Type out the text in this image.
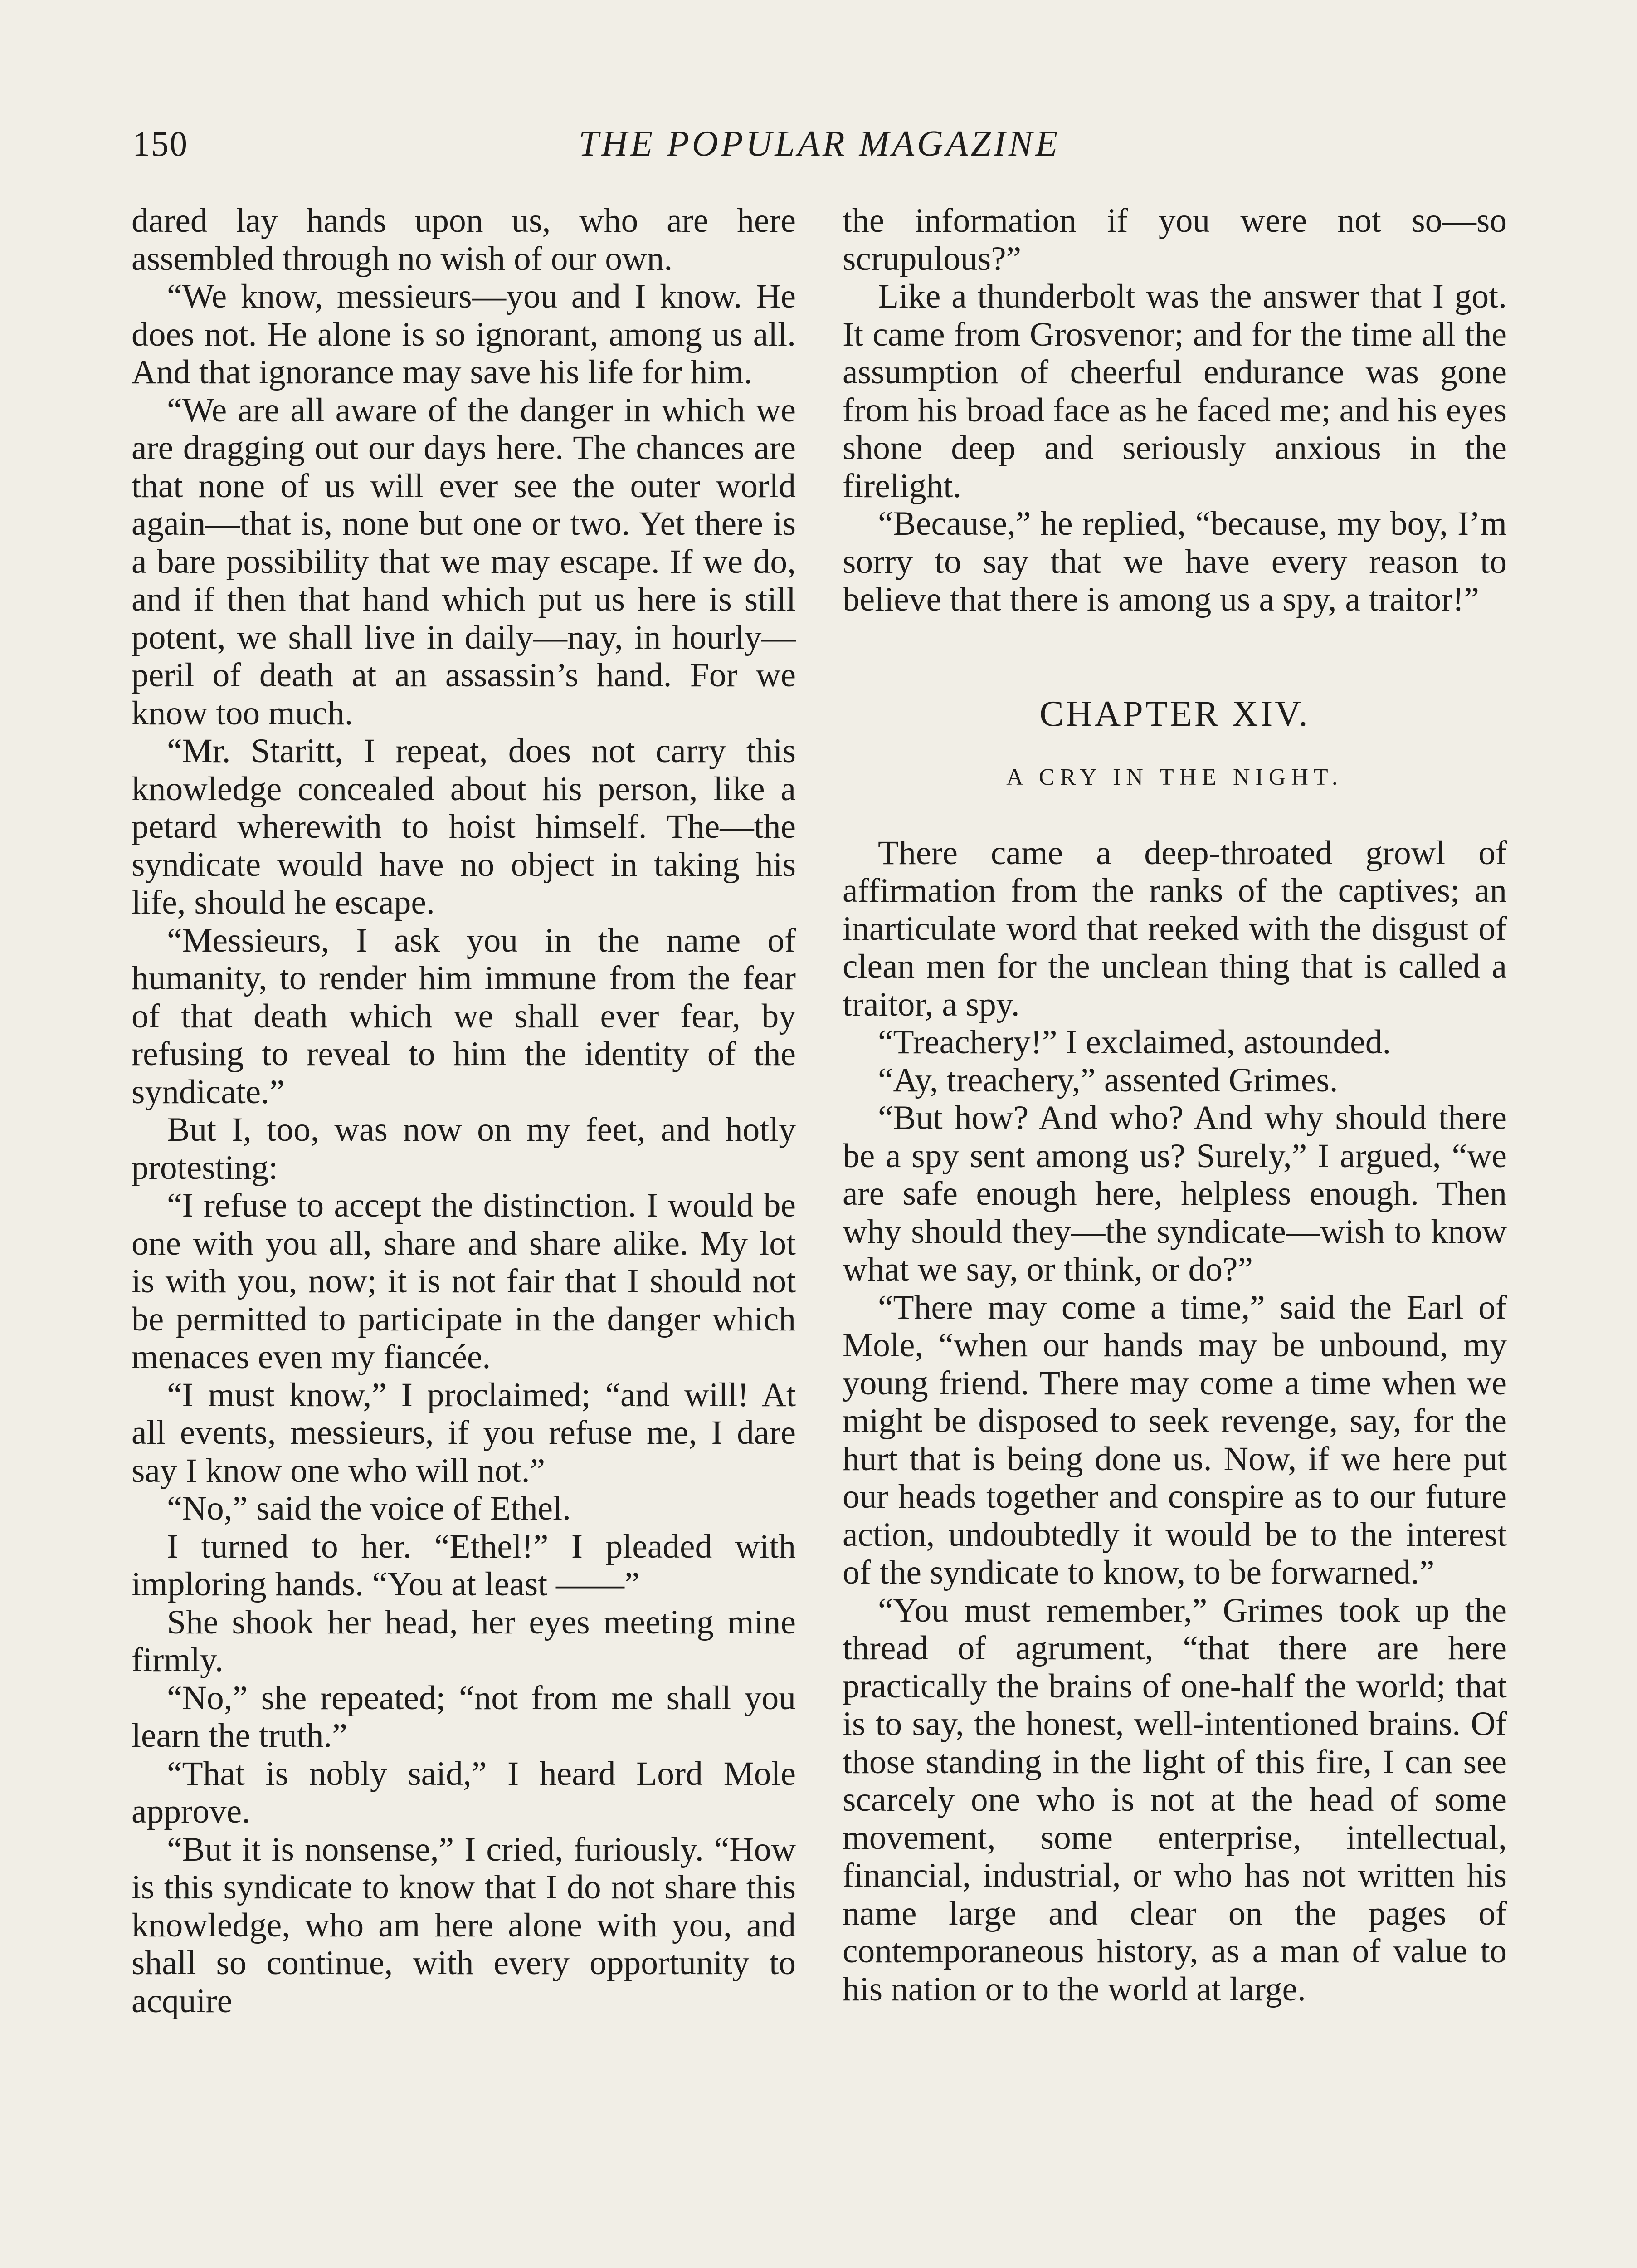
150	THE POPULAR MAGAZINE

dared lay hands upon us, who are here assembled through no wish of our own.

“We know, messieurs—you and I know. He does not. He alone is so ignorant, among us all. And that ignorance may save his life for him.

“We are all aware of the danger in which we are dragging out our days here. The chances are that none of us will ever see the outer world again—that is, none but one or two. Yet there is a bare possibility that we may escape. If we do, and if then that hand which put us here is still potent, we shall live in daily—nay, in hourly—peril of death at an assassin’s hand. For we know too much.

“Mr. Staritt, I repeat, does not carry this knowledge concealed about his person, like a petard wherewith to hoist himself. The—the syndicate would have no object in taking his life, should he escape.

“Messieurs, I ask you in the name of humanity, to render him immune from the fear of that death which we shall ever fear, by refusing to reveal to him the identity of the syndicate.”

But I, too, was now on my feet, and hotly protesting:

“I refuse to accept the distinction. I would be one with you all, share and share alike. My lot is with you, now; it is not fair that I should not be permitted to participate in the danger which menaces even my fiancée.

“I must know,” I proclaimed; “and will! At all events, messieurs, if you refuse me, I dare say I know one who will not.”

“No,” said the voice of Ethel.

I turned to her. “Ethel!” I pleaded with imploring hands. “You at least ——”

She shook her head, her eyes meeting mine firmly.

“No,” she repeated; “not from me shall you learn the truth.”

“That is nobly said,” I heard Lord Mole approve.

“But it is nonsense,” I cried, furiously. “How is this syndicate to know that I do not share this knowledge, who am here alone with you, and shall so continue, with every opportunity to acquire

the information if you were not so—so scrupulous?”

Like a thunderbolt was the answer that I got. It came from Grosvenor; and for the time all the assumption of cheerful endurance was gone from his broad face as he faced me; and his eyes shone deep and seriously anxious in the firelight.

“Because,” he replied, “because, my boy, I’m sorry to say that we have every reason to believe that there is among us a spy, a traitor!”

CHAPTER XIV.
A CRY IN THE NIGHT.

There came a deep-throated growl of affirmation from the ranks of the captives; an inarticulate word that reeked with the disgust of clean men for the unclean thing that is called a traitor, a spy.

“Treachery!” I exclaimed, astounded.

“Ay, treachery,” assented Grimes.

“But how? And who? And why should there be a spy sent among us? Surely,” I argued, “we are safe enough here, helpless enough. Then why should they—the syndicate—wish to know what we say, or think, or do?”

“There may come a time,” said the Earl of Mole, “when our hands may be unbound, my young friend. There may come a time when we might be disposed to seek revenge, say, for the hurt that is being done us. Now, if we here put our heads together and conspire as to our future action, undoubtedly it would be to the interest of the syndicate to know, to be forwarned.”

“You must remember,” Grimes took up the thread of agrument, “that there are here practically the brains of one-half the world; that is to say, the honest, well-intentioned brains. Of those standing in the light of this fire, I can see scarcely one who is not at the head of some movement, some enterprise, intellectual, financial, industrial, or who has not written his name large and clear on the pages of contemporaneous history, as a man of value to his nation or to the world at large.
